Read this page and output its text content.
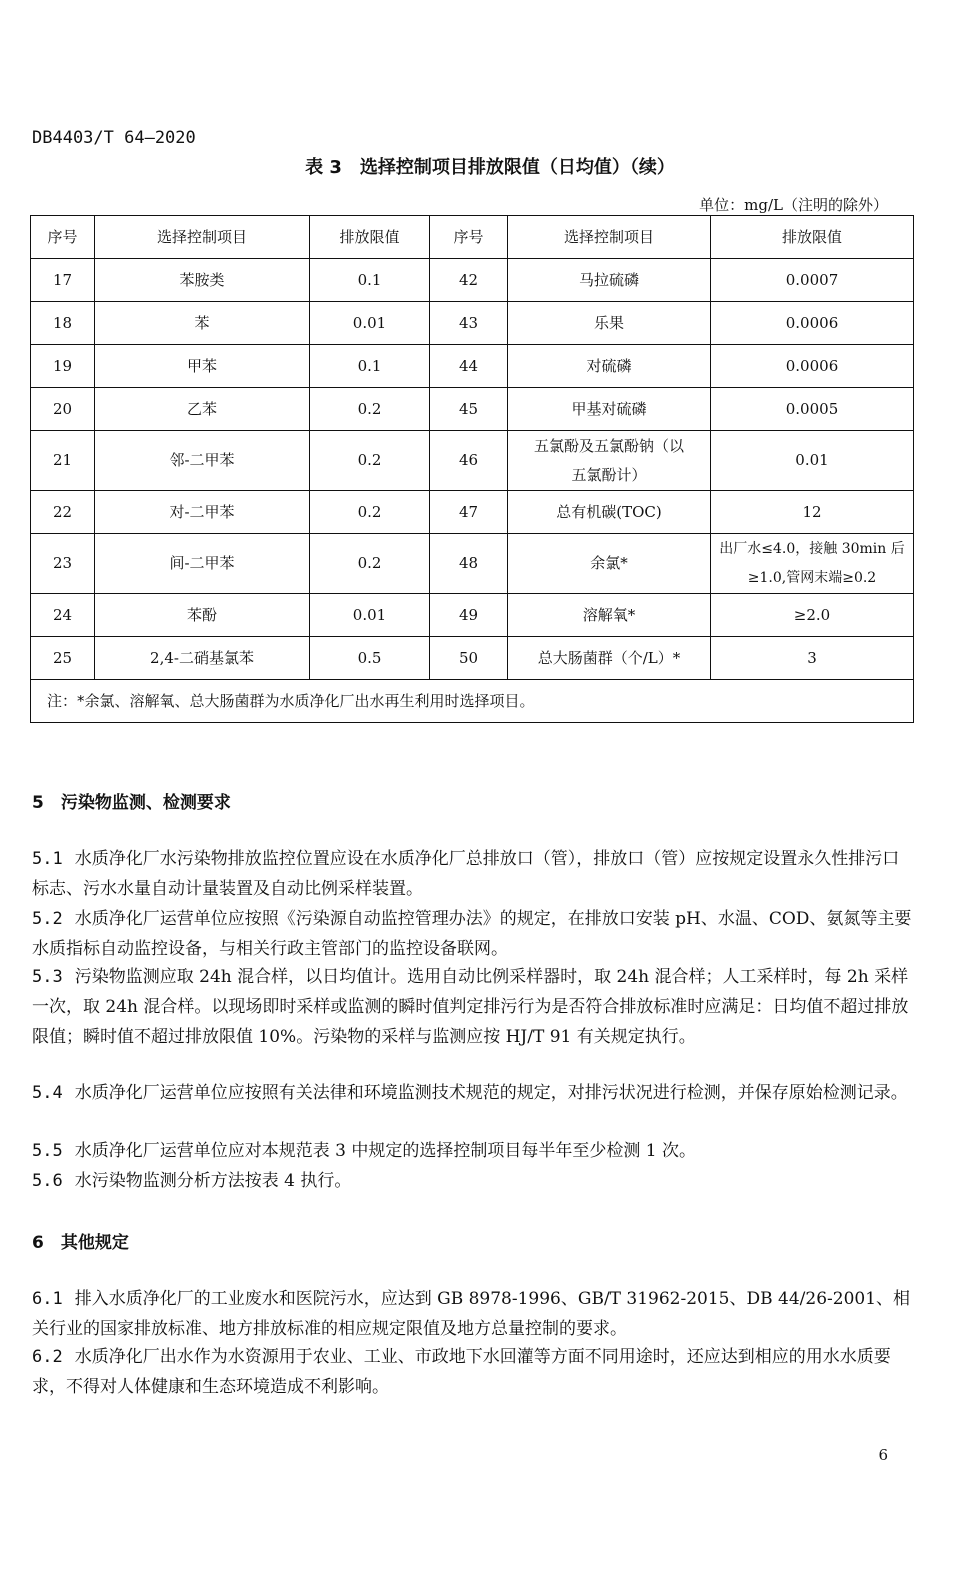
DB4403/T 64—2020
表 3　选择控制项目排放限值（日均值）（续）
单位：mg/L（注明的除外）
序号	选择控制项目	排放限值	序号	选择控制项目	排放限值
17	苯胺类	0.1	42	马拉硫磷	0.0007
18	苯	0.01	43	乐果	0.0006
19	甲苯	0.1	44	对硫磷	0.0006
20	乙苯	0.2	45	甲基对硫磷	0.0005
21	邻-二甲苯	0.2	46	五氯酚及五氯酚钠（以五氯酚计）	0.01
22	对-二甲苯	0.2	47	总有机碳(TOC)	12
23	间-二甲苯	0.2	48	余氯*	出厂水≤4.0，接触 30min 后≥1.0,管网末端≥0.2
24	苯酚	0.01	49	溶解氧*	≥2.0
25	2,4-二硝基氯苯	0.5	50	总大肠菌群（个/L）*	3
注：*余氯、溶解氧、总大肠菌群为水质净化厂出水再生利用时选择项目。					
5　污染物监测、检测要求
5.1 水质净化厂水污染物排放监控位置应设在水质净化厂总排放口（管），排放口（管）应按规定设置永久性排污口标志、污水水量自动计量装置及自动比例采样装置。
5.2 水质净化厂运营单位应按照《污染源自动监控管理办法》的规定，在排放口安装 pH、水温、COD、氨氮等主要水质指标自动监控设备，与相关行政主管部门的监控设备联网。
5.3 污染物监测应取 24h 混合样，以日均值计。选用自动比例采样器时，取 24h 混合样；人工采样时，每 2h 采样一次，取 24h 混合样。以现场即时采样或监测的瞬时值判定排污行为是否符合排放标准时应满足：日均值不超过排放限值；瞬时值不超过排放限值 10%。污染物的采样与监测应按 HJ/T 91 有关规定执行。
5.4 水质净化厂运营单位应按照有关法律和环境监测技术规范的规定，对排污状况进行检测，并保存原始检测记录。
5.5 水质净化厂运营单位应对本规范表 3 中规定的选择控制项目每半年至少检测 1 次。
5.6 水污染物监测分析方法按表 4 执行。
6　其他规定
6.1 排入水质净化厂的工业废水和医院污水，应达到 GB 8978-1996、GB/T 31962-2015、DB 44/26-2001、相关行业的国家排放标准、地方排放标准的相应规定限值及地方总量控制的要求。
6.2 水质净化厂出水作为水资源用于农业、工业、市政地下水回灌等方面不同用途时，还应达到相应的用水水质要求，不得对人体健康和生态环境造成不利影响。
6
